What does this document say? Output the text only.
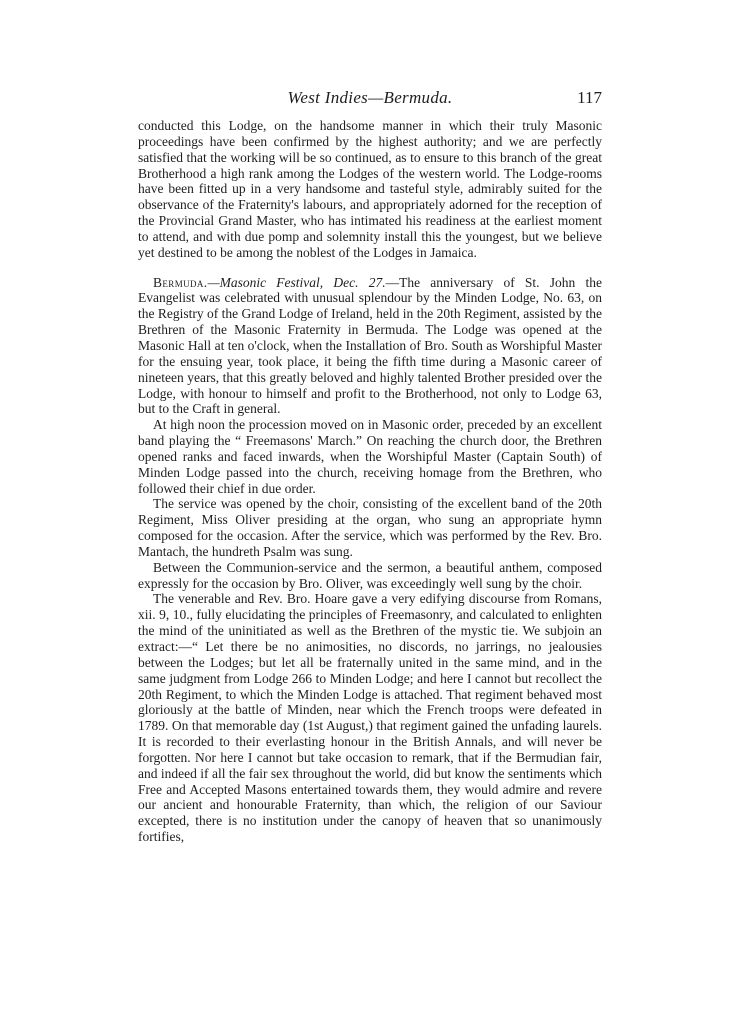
West Indies—Bermuda.	117

conducted this Lodge, on the handsome manner in which their truly Masonic proceedings have been confirmed by the highest authority; and we are perfectly satisfied that the working will be so continued, as to ensure to this branch of the great Brotherhood a high rank among the Lodges of the western world. The Lodge-rooms have been fitted up in a very handsome and tasteful style, admirably suited for the observance of the Fraternity's labours, and appropriately adorned for the reception of the Provincial Grand Master, who has intimated his readiness at the earliest moment to attend, and with due pomp and solemnity install this the youngest, but we believe yet destined to be among the noblest of the Lodges in Jamaica.

Bermuda.—Masonic Festival, Dec. 27.—The anniversary of St. John the Evangelist was celebrated with unusual splendour by the Minden Lodge, No. 63, on the Registry of the Grand Lodge of Ireland, held in the 20th Regiment, assisted by the Brethren of the Masonic Fraternity in Bermuda. The Lodge was opened at the Masonic Hall at ten o'clock, when the Installation of Bro. South as Worshipful Master for the ensuing year, took place, it being the fifth time during a Masonic career of nineteen years, that this greatly beloved and highly talented Brother presided over the Lodge, with honour to himself and profit to the Brotherhood, not only to Lodge 63, but to the Craft in general.

At high noon the procession moved on in Masonic order, preceded by an excellent band playing the “ Freemasons' March.” On reaching the church door, the Brethren opened ranks and faced inwards, when the Worshipful Master (Captain South) of Minden Lodge passed into the church, receiving homage from the Brethren, who followed their chief in due order.

The service was opened by the choir, consisting of the excellent band of the 20th Regiment, Miss Oliver presiding at the organ, who sung an appropriate hymn composed for the occasion. After the service, which was performed by the Rev. Bro. Mantach, the hundreth Psalm was sung.

Between the Communion-service and the sermon, a beautiful anthem, composed expressly for the occasion by Bro. Oliver, was exceedingly well sung by the choir.

The venerable and Rev. Bro. Hoare gave a very edifying discourse from Romans, xii. 9, 10., fully elucidating the principles of Freemasonry, and calculated to enlighten the mind of the uninitiated as well as the Brethren of the mystic tie. We subjoin an extract:—“ Let there be no animosities, no discords, no jarrings, no jealousies between the Lodges; but let all be fraternally united in the same mind, and in the same judgment from Lodge 266 to Minden Lodge; and here I cannot but recollect the 20th Regiment, to which the Minden Lodge is attached. That regiment behaved most gloriously at the battle of Minden, near which the French troops were defeated in 1789. On that memorable day (1st August,) that regiment gained the unfading laurels. It is recorded to their everlasting honour in the British Annals, and will never be forgotten. Nor here I cannot but take occasion to remark, that if the Bermudian fair, and indeed if all the fair sex throughout the world, did but know the sentiments which Free and Accepted Masons entertained towards them, they would admire and revere our ancient and honourable Fraternity, than which, the religion of our Saviour excepted, there is no institution under the canopy of heaven that so unanimously fortifies,
